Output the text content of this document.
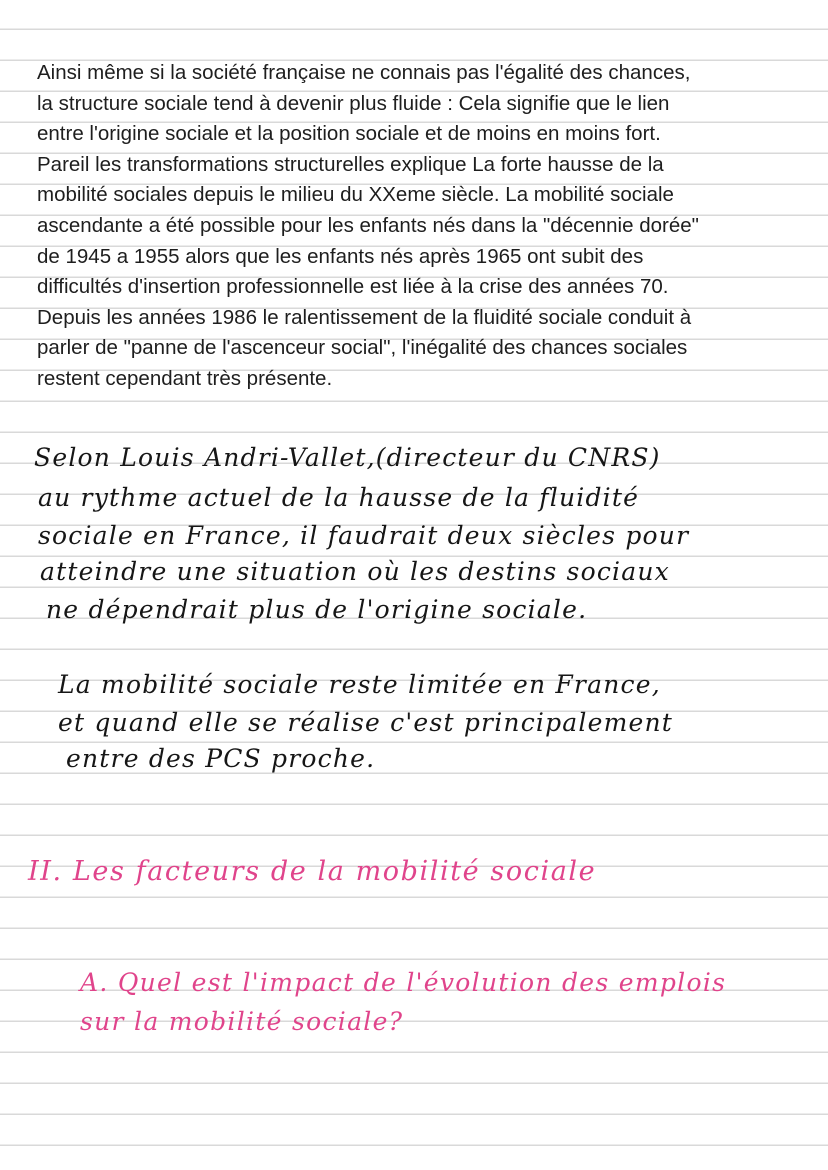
Ainsi même si la société française ne connais pas l'égalité des chances,
la structure sociale tend à devenir plus fluide : Cela signifie que le lien
entre l'origine sociale et la position sociale et de moins en moins fort.
Pareil les transformations structurelles explique La forte hausse de la
mobilité sociales depuis le milieu du XXeme siècle. La mobilité sociale
ascendante a été possible pour les enfants nés dans la "décennie dorée"
de 1945 a 1955 alors que les enfants nés après 1965 ont subit des
difficultés d'insertion professionnelle est liée à la crise des années 70.
Depuis les années 1986 le ralentissement de la fluidité sociale conduit à
parler de "panne de l'ascenceur social", l'inégalité des chances sociales
restent cependant très présente.
Selon Louis Andri-Vallet,(directeur du CNRS)
au rythme actuel de la hausse de la fluidité
sociale en France, il faudrait deux siècles pour
atteindre une situation où les destins sociaux
ne dépendrait plus de l'origine sociale.
La mobilité sociale reste limitée en France,
et quand elle se réalise c'est principalement
entre des PCS proche.
II. Les facteurs de la mobilité sociale
A. Quel est l'impact de l'évolution des emplois
sur la mobilité sociale?
